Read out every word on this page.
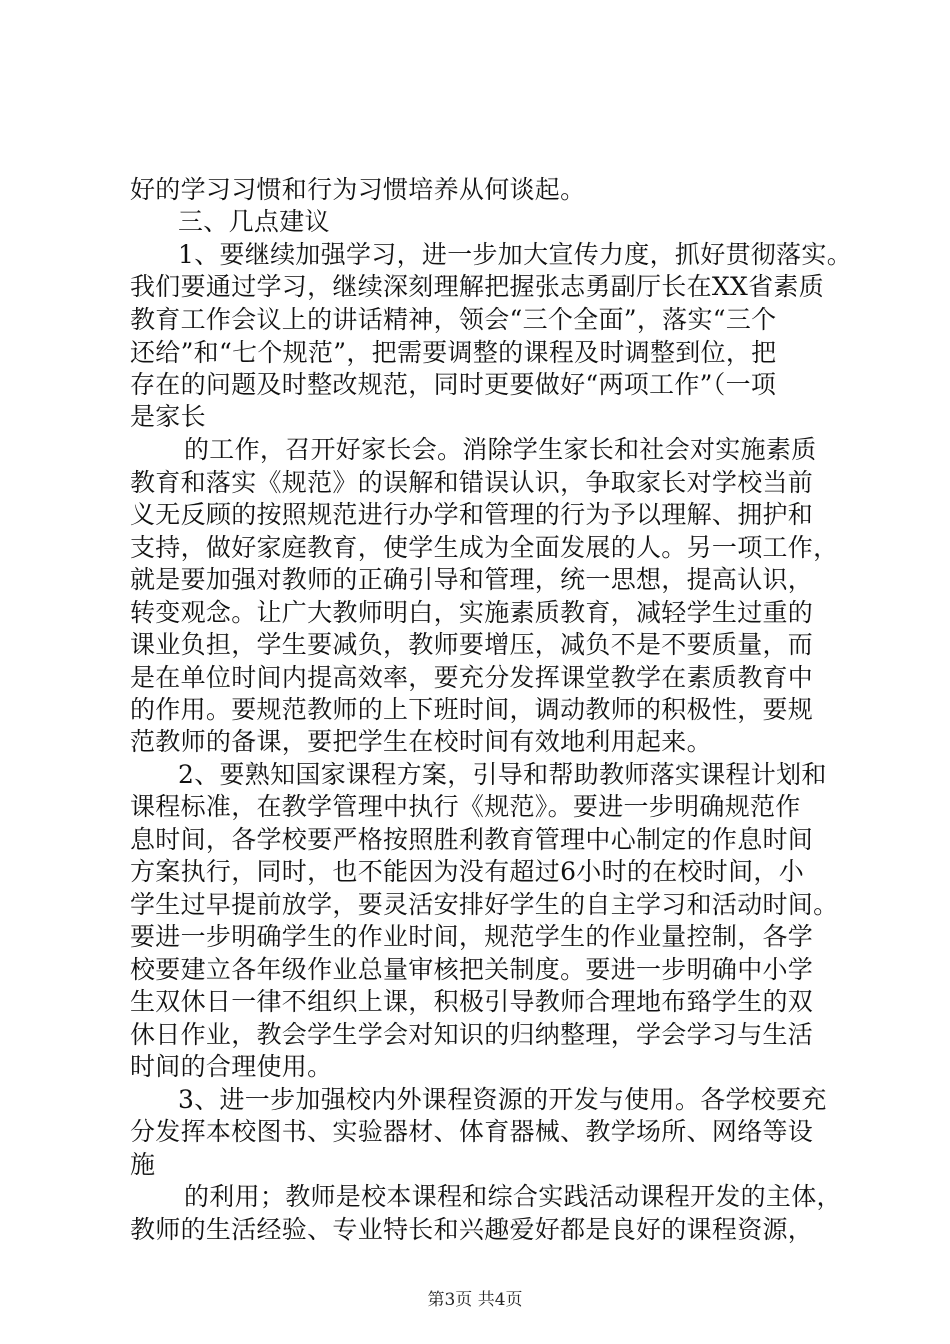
好的学习习惯和行为习惯培养从何谈起。
三、几点建议
1、要继续加强学习，进一步加大宣传力度，抓好贯彻落实。
我们要通过学习，继续深刻理解把握张志勇副厅长在XX省素质
教育工作会议上的讲话精神，领会“三个全面”，落实“三个
还给”和“七个规范”，把需要调整的课程及时调整到位，把
存在的问题及时整改规范，同时更要做好“两项工作”（一项
是家长
的工作，召开好家长会。消除学生家长和社会对实施素质
教育和落实《规范》的误解和错误认识，争取家长对学校当前
义无反顾的按照规范进行办学和管理的行为予以理解、拥护和
支持，做好家庭教育，使学生成为全面发展的人。另一项工作，
就是要加强对教师的正确引导和管理，统一思想，提高认识，
转变观念。让广大教师明白，实施素质教育，减轻学生过重的
课业负担，学生要减负，教师要增压，减负不是不要质量，而
是在单位时间内提高效率，要充分发挥课堂教学在素质教育中
的作用。要规范教师的上下班时间，调动教师的积极性，要规
范教师的备课，要把学生在校时间有效地利用起来。
2、要熟知国家课程方案，引导和帮助教师落实课程计划和
课程标准，在教学管理中执行《规范》。要进一步明确规范作
息时间，各学校要严格按照胜利教育管理中心制定的作息时间
方案执行，同时，也不能因为没有超过6小时的在校时间，小
学生过早提前放学，要灵活安排好学生的自主学习和活动时间。
要进一步明确学生的作业时间，规范学生的作业量控制，各学
校要建立各年级作业总量审核把关制度。要进一步明确中小学
生双休日一律不组织上课，积极引导教师合理地布臵学生的双
休日作业，教会学生学会对知识的归纳整理，学会学习与生活
时间的合理使用。
3、进一步加强校内外课程资源的开发与使用。各学校要充
分发挥本校图书、实验器材、体育器械、教学场所、网络等设
施
的利用；教师是校本课程和综合实践活动课程开发的主体，
教师的生活经验、专业特长和兴趣爱好都是良好的课程资源，
第3页 共4页
